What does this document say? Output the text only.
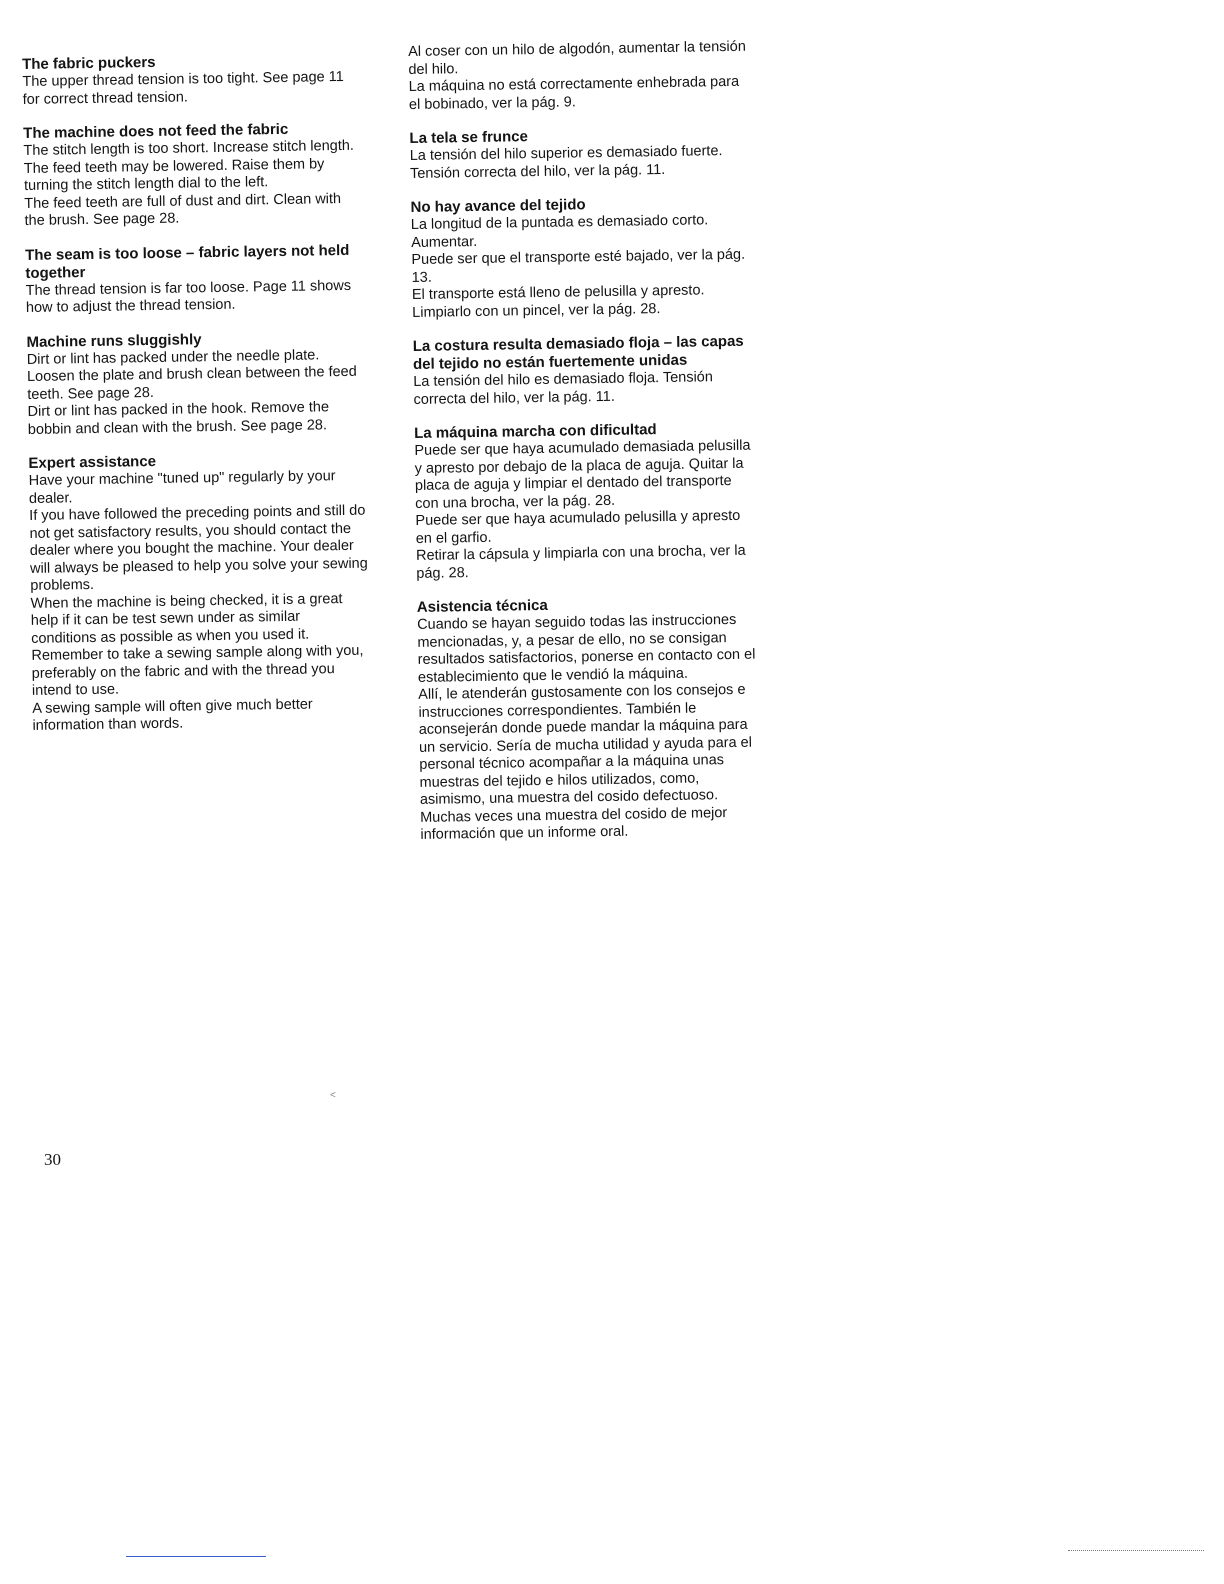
The fabric puckers

The upper thread tension is too tight. See page 11 for correct thread tension.

The machine does not feed the fabric

The stitch length is too short. Increase stitch length.

The feed teeth may be lowered. Raise them by turning the stitch length dial to the left.

The feed teeth are full of dust and dirt. Clean with the brush. See page 28.

The seam is too loose – fabric layers not held together

The thread tension is far too loose. Page 11 shows how to adjust the thread tension.

Machine runs sluggishly

Dirt or lint has packed under the needle plate. Loosen the plate and brush clean between the feed teeth. See page 28.

Dirt or lint has packed in the hook. Remove the bobbin and clean with the brush. See page 28.

Expert assistance

Have your machine "tuned up" regularly by your dealer.

If you have followed the preceding points and still do not get satisfactory results, you should contact the dealer where you bought the machine. Your dealer will always be pleased to help you solve your sewing problems.

When the machine is being checked, it is a great help if it can be test sewn under as similar conditions as possible as when you used it.

Remember to take a sewing sample along with you, preferably on the fabric and with the thread you intend to use.

A sewing sample will often give much better information than words.

Al coser con un hilo de algodón, aumentar la tensión del hilo.

La máquina no está correctamente enhebrada para el bobinado, ver la pág. 9.

La tela se frunce

La tensión del hilo superior es demasiado fuerte. Tensión correcta del hilo, ver la pág. 11.

No hay avance del tejido

La longitud de la puntada es demasiado corto. Aumentar.

Puede ser que el transporte esté bajado, ver la pág. 13.

El transporte está lleno de pelusilla y apresto.

Limpiarlo con un pincel, ver la pág. 28.

La costura resulta demasiado floja – las capas del tejido no están fuertemente unidas

La tensión del hilo es demasiado floja. Tensión correcta del hilo, ver la pág. 11.

La máquina marcha con dificultad

Puede ser que haya acumulado demasiada pelusilla y apresto por debajo de la placa de aguja. Quitar la placa de aguja y limpiar el dentado del transporte con una brocha, ver la pág. 28.

Puede ser que haya acumulado pelusilla y apresto en el garfio.

Retirar la cápsula y limpiarla con una brocha, ver la pág. 28.

Asistencia técnica

Cuando se hayan seguido todas las instrucciones mencionadas, y, a pesar de ello, no se consigan resultados satisfactorios, ponerse en contacto con el establecimiento que le vendió la máquina.

Allí, le atenderán gustosamente con los consejos e instrucciones correspondientes. También le aconsejerán donde puede mandar la máquina para un servicio. Sería de mucha utilidad y ayuda para el personal técnico acompañar a la máquina unas muestras del tejido e hilos utilizados, como, asimismo, una muestra del cosido defectuoso.

Muchas veces una muestra del cosido de mejor información que un informe oral.

<
30
